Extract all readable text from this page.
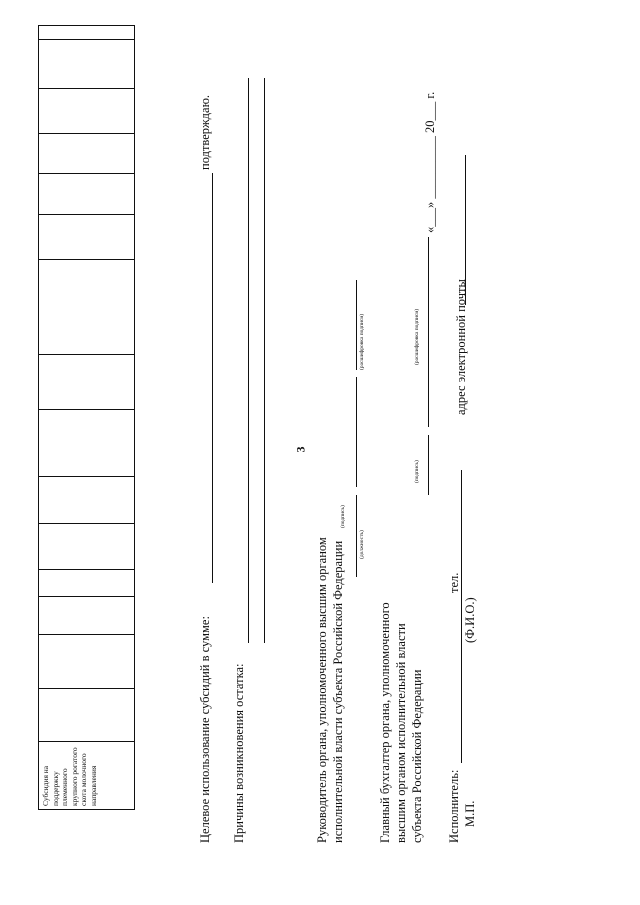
3
Субсидия на поддержку племенного крупного рогатого скота молочного направления	Целевое использование субсидий в сумме:
подтверждаю.
Причины возникновения остатка:	Руководитель органа, уполномоченного высшим органом исполнительной власти субъекта Российской Федерации	(должность)
(подпись)
(расшифровка подписи)
Главный бухгалтер органа, уполномоченного высшим органом исполнительной власти субъекта Российской Федерации
(подпись)
(расшифровка подписи)
«___» __________ 20___ г.
Исполнитель:
(Ф.И.О.)
тел.
адрес электронной почты
М.П.
